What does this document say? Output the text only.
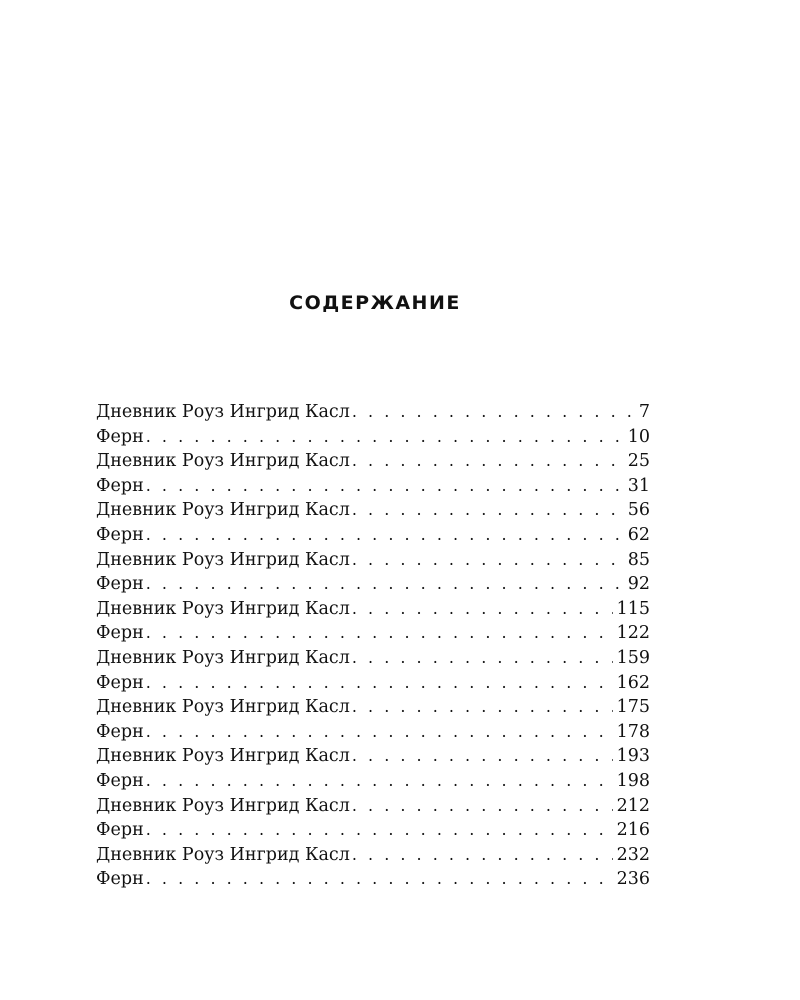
СОДЕРЖАНИЕ
Дневник Роуз Ингрид Касл . . .	7
Ферн . . .	10
Дневник Роуз Ингрид Касл . . .	25
Ферн . . .	31
Дневник Роуз Ингрид Касл . . .	56
Ферн . . .	62
Дневник Роуз Ингрид Касл . . .	85
Ферн . . .	92
Дневник Роуз Ингрид Касл . . .	115
Ферн . . .	122
Дневник Роуз Ингрид Касл . . .	159
Ферн . . .	162
Дневник Роуз Ингрид Касл . . .	175
Ферн . . .	178
Дневник Роуз Ингрид Касл . . .	193
Ферн . . .	198
Дневник Роуз Ингрид Касл . . .	212
Ферн . . .	216
Дневник Роуз Ингрид Касл . . .	232
Ферн . . .	236
